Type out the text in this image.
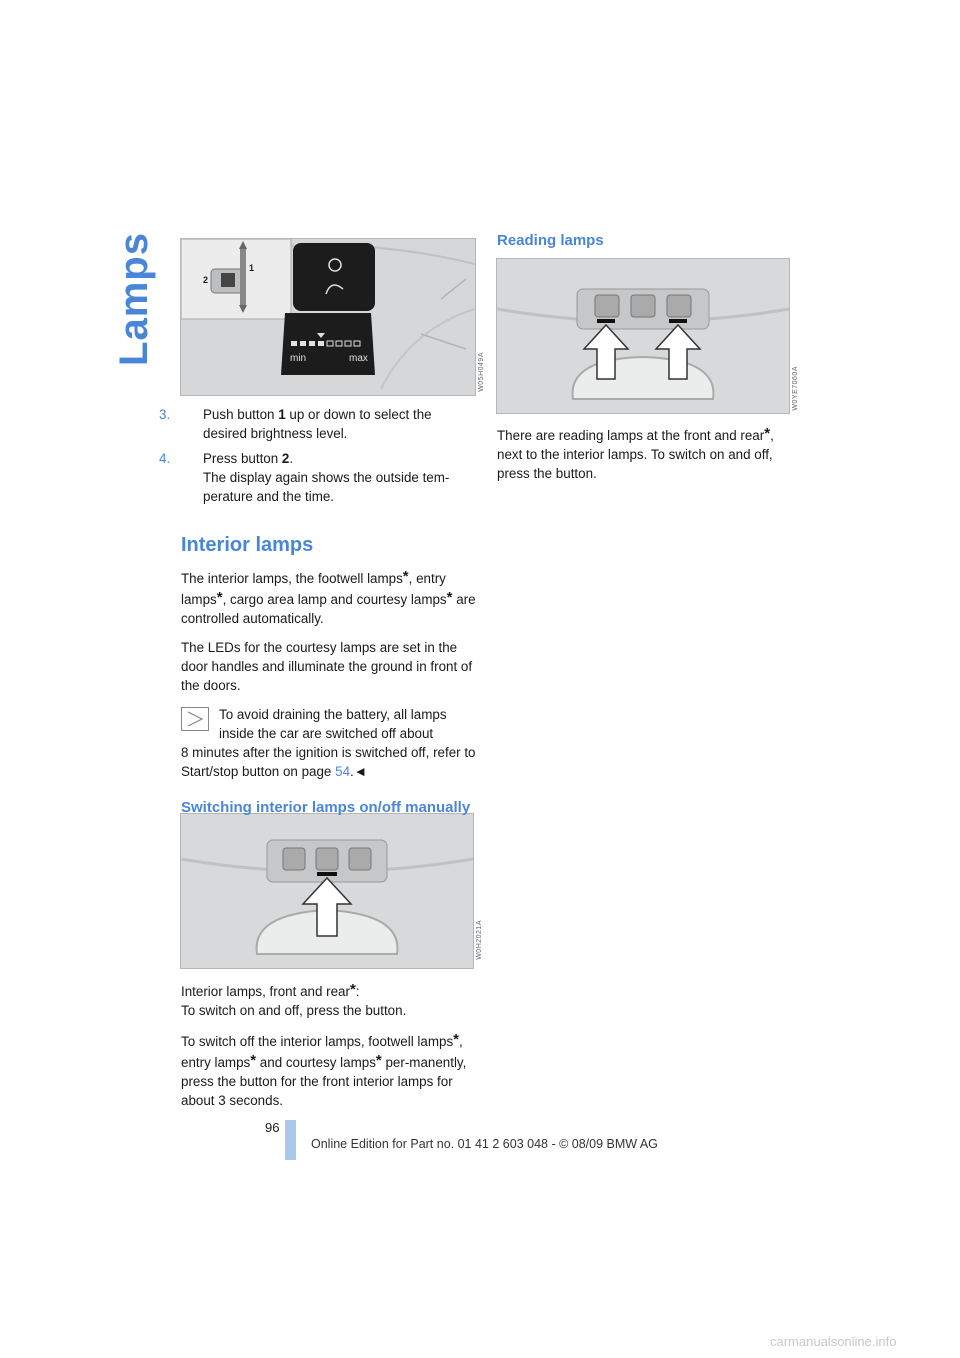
Lamps	min	max
1
2
W05H049A	W0YE7060A
W0H2021A
3. Push button 1 up or down to select the desired brightness level.
4. Press button 2.
The display again shows the outside tem-perature and the time.
Interior lamps

The interior lamps, the footwell lamps*, entry lamps*, cargo area lamp and courtesy lamps* are controlled automatically.

The LEDs for the courtesy lamps are set in the door handles and illuminate the ground in front of the doors.

To avoid draining the battery, all lamps inside the car are switched off about
8 minutes after the ignition is switched off, refer to Start/stop button on page 54.◄
Switching interior lamps on/off manually

Interior lamps, front and rear*:
To switch on and off, press the button.

To switch off the interior lamps, footwell lamps*, entry lamps* and courtesy lamps* per-manently, press the button for the front interior lamps for about 3 seconds.

Reading lamps

There are reading lamps at the front and rear*, next to the interior lamps. To switch on and off, press the button.

96
Online Edition for Part no. 01 41 2 603 048 - © 08/09 BMW AG
carmanualsonline.info
